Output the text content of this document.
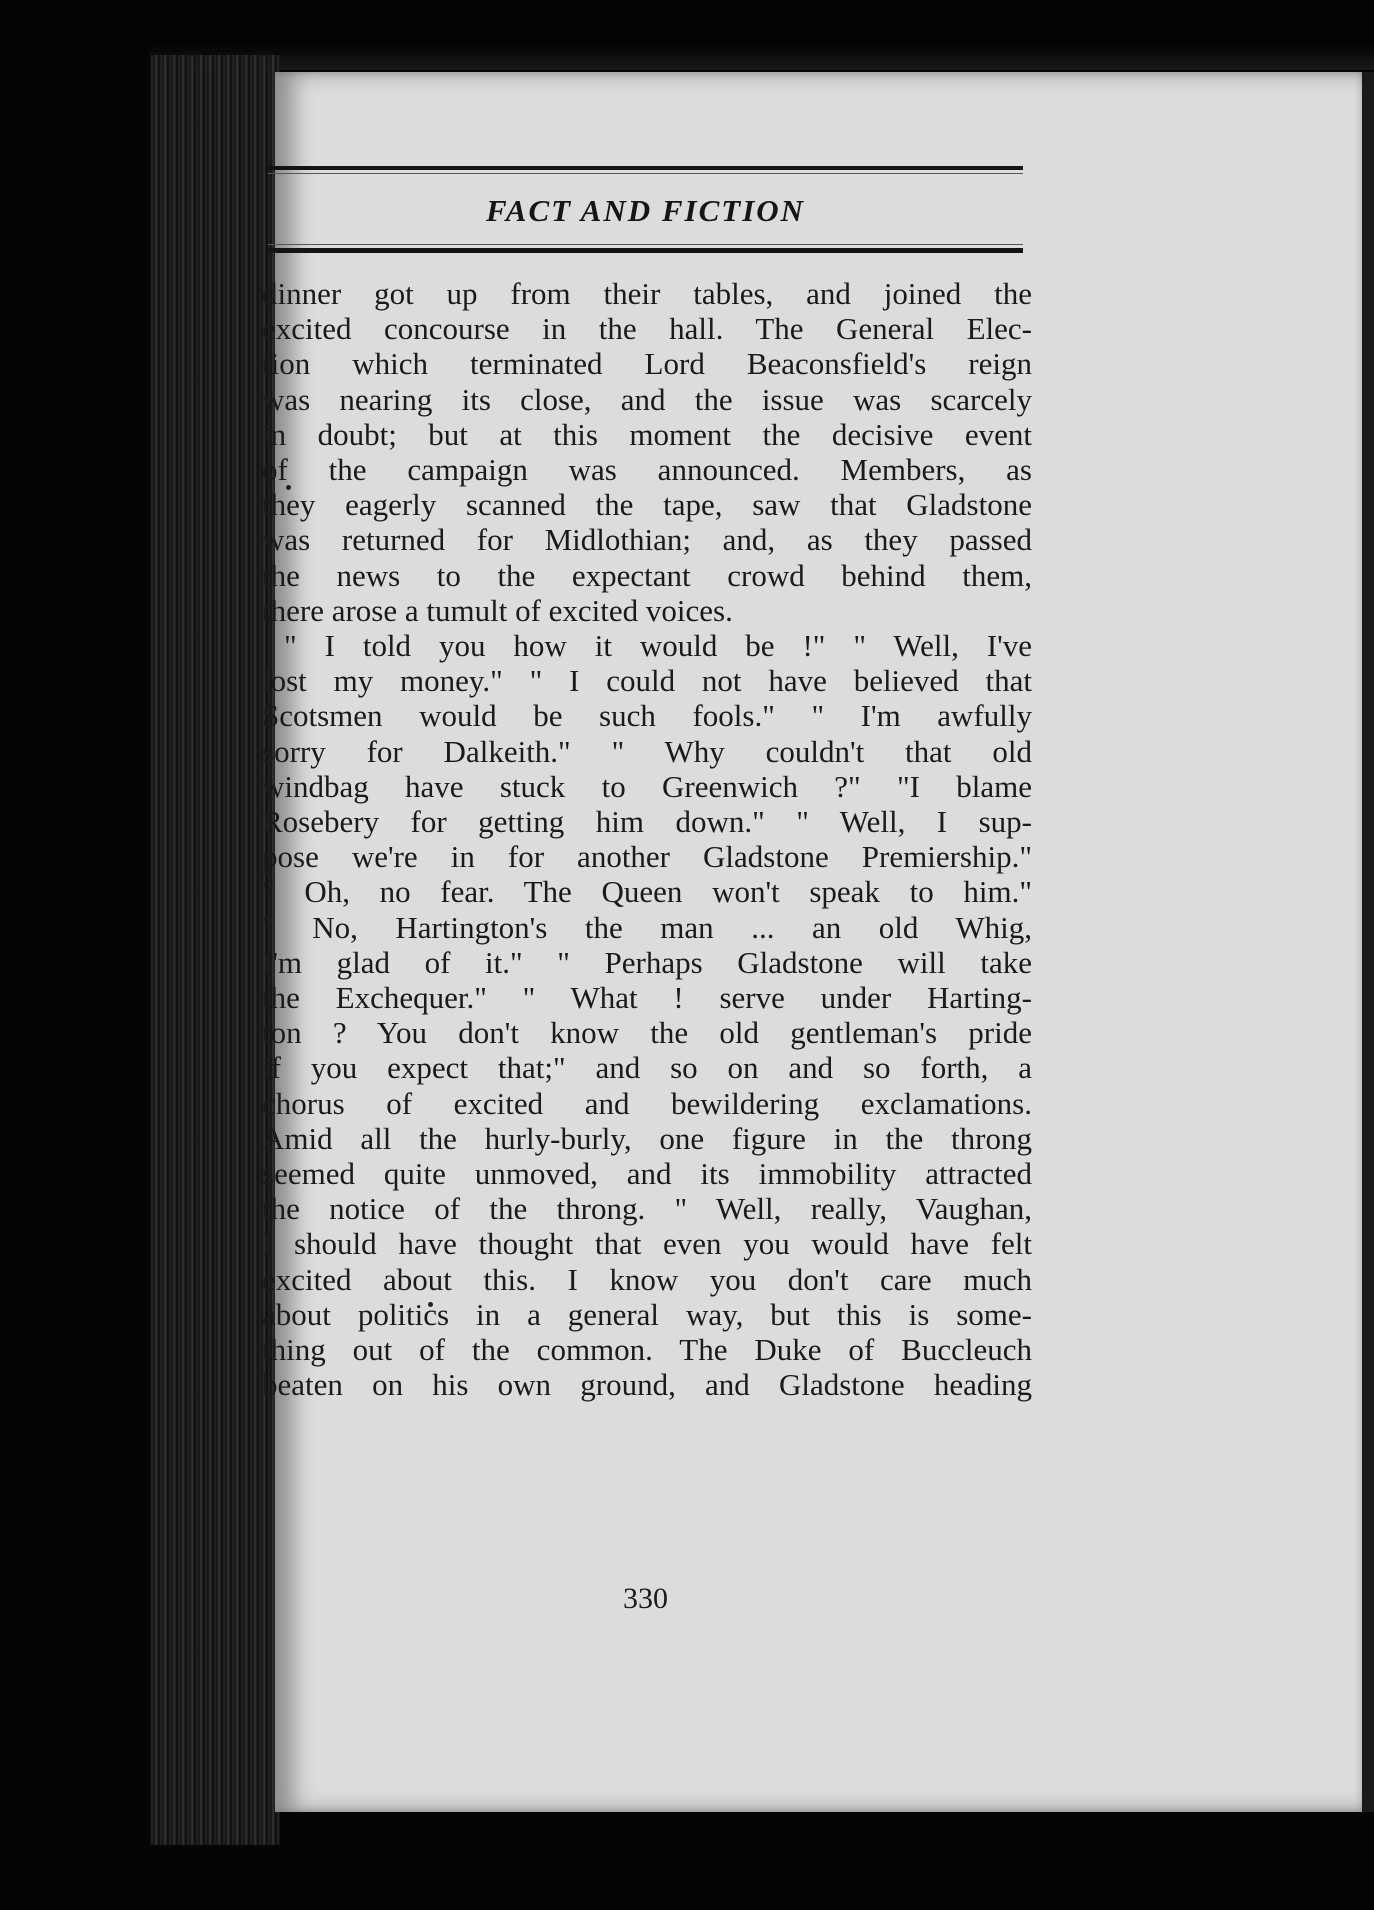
FACT AND FICTION
dinner got up from their tables, and joined the
excited concourse in the hall. The General Elec-
tion which terminated Lord Beaconsfield's reign
was nearing its close, and the issue was scarcely
in doubt; but at this moment the decisive event
of the campaign was announced. Members, as
they eagerly scanned the tape, saw that Gladstone
was returned for Midlothian; and, as they passed
the news to the expectant crowd behind them,
there arose a tumult of excited voices.
" I told you how it would be !" " Well, I've
lost my money." " I could not have believed that
Scotsmen would be such fools." " I'm awfully
sorry for Dalkeith." " Why couldn't that old
windbag have stuck to Greenwich ?" "I blame
Rosebery for getting him down." " Well, I sup-
pose we're in for another Gladstone Premiership."
" Oh, no fear. The Queen won't speak to him."
" No, Hartington's the man ... an old Whig,
I'm glad of it." " Perhaps Gladstone will take
the Exchequer." " What ! serve under Harting-
ton ? You don't know the old gentleman's pride
if you expect that;" and so on and so forth, a
chorus of excited and bewildering exclamations.
Amid all the hurly-burly, one figure in the throng
seemed quite unmoved, and its immobility attracted
the notice of the throng. " Well, really, Vaughan,
I should have thought that even you would have felt
excited about this. I know you don't care much
about politics in a general way, but this is some-
thing out of the common. The Duke of Buccleuch
beaten on his own ground, and Gladstone heading
330
